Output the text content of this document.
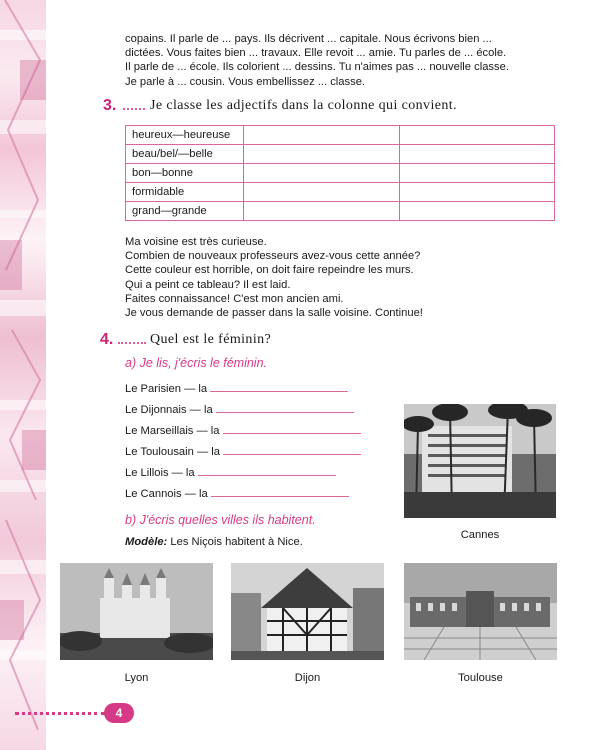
copains. Il parle de ... pays. Ils décrivent ... capitale. Nous écrivons bien ...
dictées. Vous faites bien ... travaux. Elle revoit ... amie. Tu parles de ... école.
Il parle de ... école. Ils colorient ... dessins. Tu n'aimes pas ... nouvelle classe.
Je parle à ... cousin. Vous embellissez ... classe.
3. Je classe les adjectifs dans la colonne qui convient.
heureux—heureuse		
beau/bel/—belle		
bon—bonne		
formidable		
grand—grande		
Ma voisine est très curieuse.
Combien de nouveaux professeurs avez-vous cette année?
Cette couleur est horrible, on doit faire repeindre les murs.
Qui a peint ce tableau? Il est laid.
Faites connaissance! C'est mon ancien ami.
Je vous demande de passer dans la salle voisine. Continue!
4.	Quel est le féminin?
a) Je lis, j'écris le féminin.
Le Parisien — la
Le Dijonnais — la
Le Marseillais — la
Le Toulousain — la
Le Lillois — la
Le Cannois — la
b) J'écris quelles villes ils habitent.
Modèle: Les Niçois habitent à Nice.
Cannes
Lyon	Dijon	Toulouse
4
